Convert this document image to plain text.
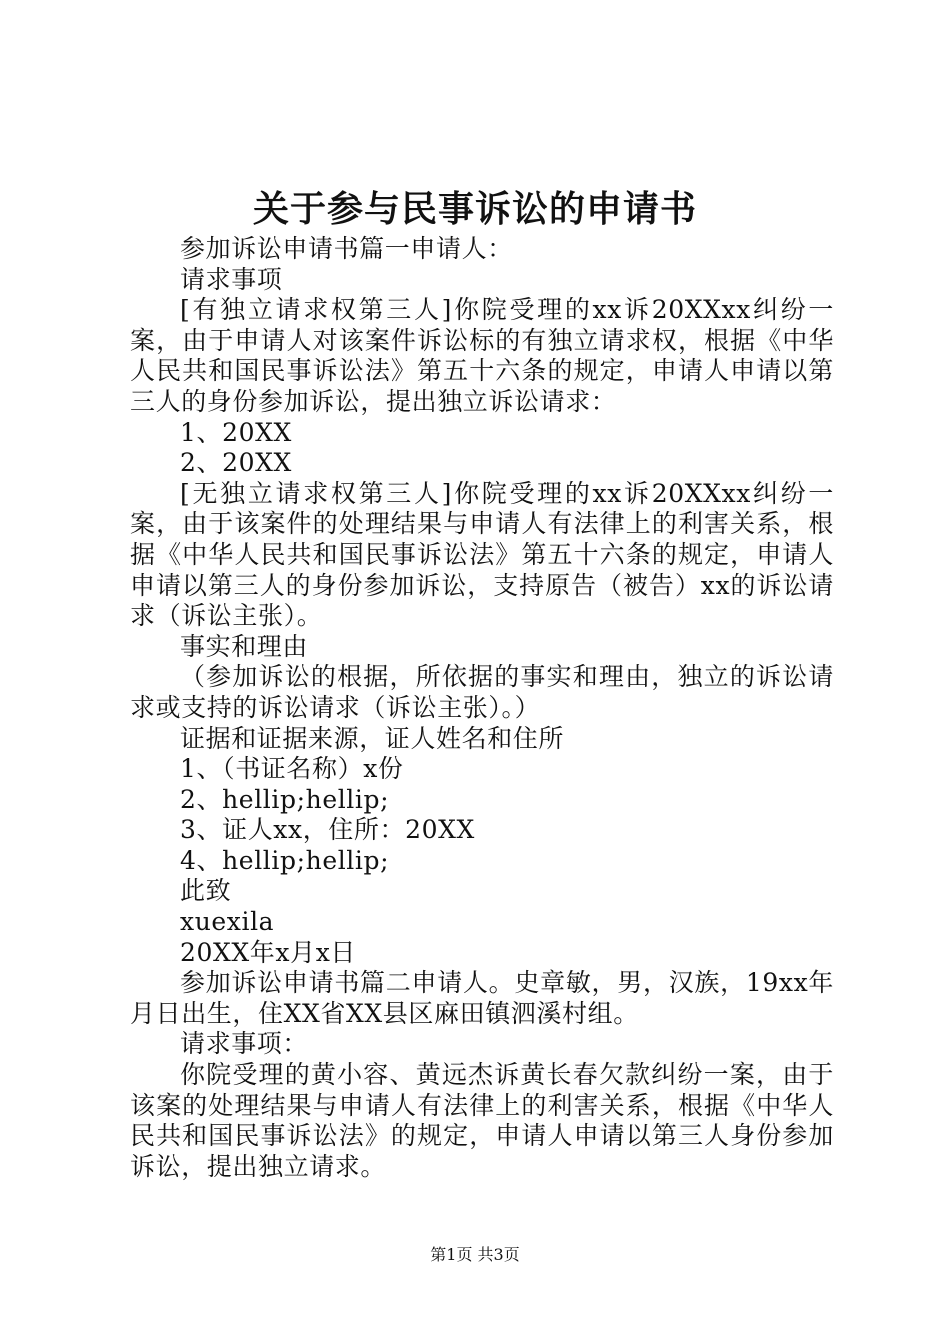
关于参与民事诉讼的申请书

参加诉讼申请书篇一申请人：

请求事项

[有独立请求权第三人]你院受理的xx诉20XXxx纠纷一案，由于申请人对该案件诉讼标的有独立请求权，根据《中华人民共和国民事诉讼法》第五十六条的规定，申请人申请以第三人的身份参加诉讼，提出独立诉讼请求：

1、20XX

2、20XX

[无独立请求权第三人]你院受理的xx诉20XXxx纠纷一案，由于该案件的处理结果与申请人有法律上的利害关系，根据《中华人民共和国民事诉讼法》第五十六条的规定，申请人申请以第三人的身份参加诉讼，支持原告（被告）xx的诉讼请求（诉讼主张）。

事实和理由

（参加诉讼的根据，所依据的事实和理由，独立的诉讼请求或支持的诉讼请求（诉讼主张）。）

证据和证据来源，证人姓名和住所

1、（书证名称）x份

2、hellip;hellip;

3、证人xx，住所：20XX

4、hellip;hellip;

此致

xuexila

20XX年x月x日

参加诉讼申请书篇二申请人。史章敏，男，汉族，19xx年月日出生，住XX省XX县区麻田镇泗溪村组。

请求事项：

你院受理的黄小容、黄远杰诉黄长春欠款纠纷一案，由于该案的处理结果与申请人有法律上的利害关系，根据《中华人民共和国民事诉讼法》的规定，申请人申请以第三人身份参加诉讼，提出独立请求。

第1页 共3页
